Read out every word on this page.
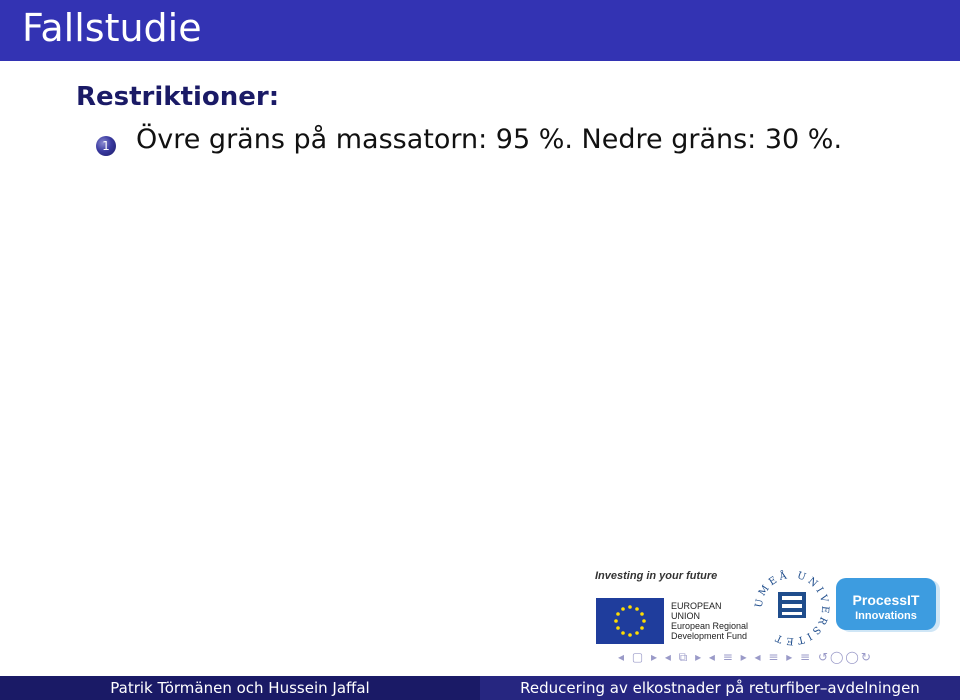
Fallstudie
Restriktioner:
1 Övre gräns på massatorn: 95 %. Nedre gräns: 30 %.
Investing in your future
EUROPEAN
UNION
European Regional
Development Fund
UMEÅ UNIVERSITET
ProcessIT
Innovations
◂ ▢ ▸ ◂ ⧉ ▸ ◂ ≡ ▸ ◂ ≡ ▸ ≡ ↺◯◯↻
Patrik Törmänen och Hussein Jaffal	Reducering av elkostnader på returfiber–avdelningen
